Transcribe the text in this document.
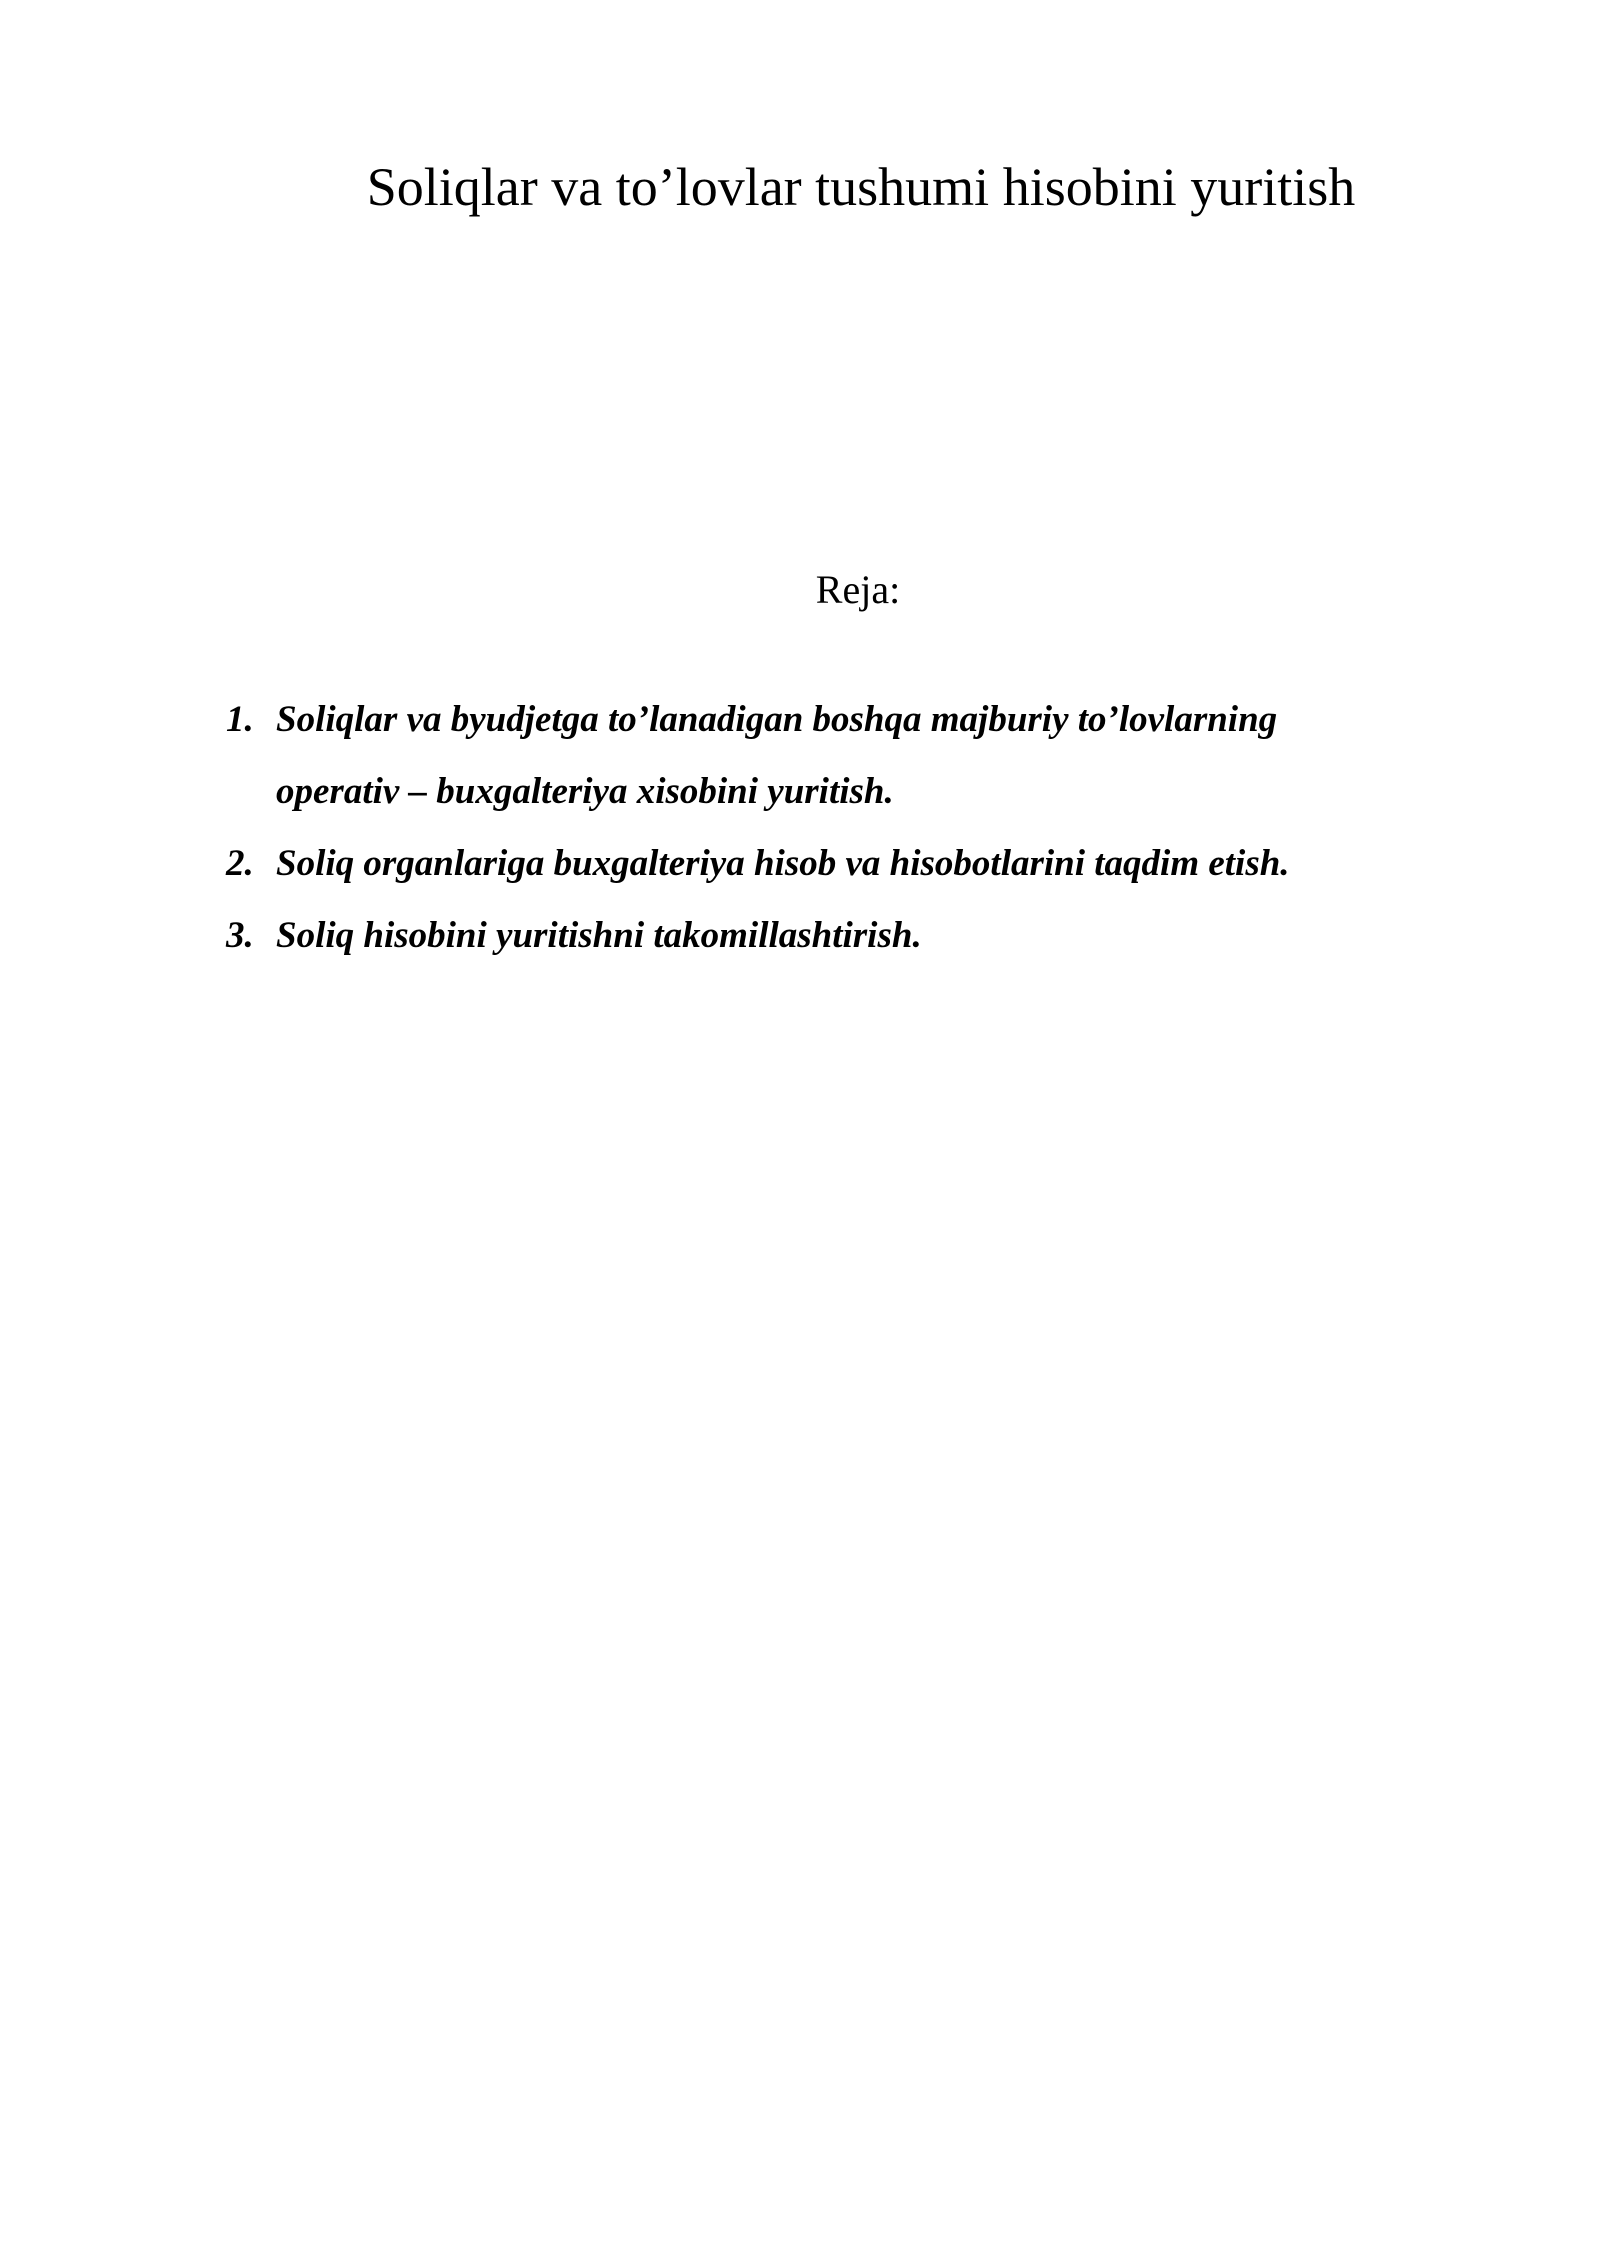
Soliqlar va to’lovlar tushumi hisobini yuritish
Reja:
1. Soliqlar va byudjetga to’lanadigan boshqa majburiy to’lovlarning
operativ – buxgalteriya xisobini yuritish.
2. Soliq organlariga buxgalteriya hisob va hisobotlarini taqdim etish.
3. Soliq hisobini yuritishni takomillashtirish.
